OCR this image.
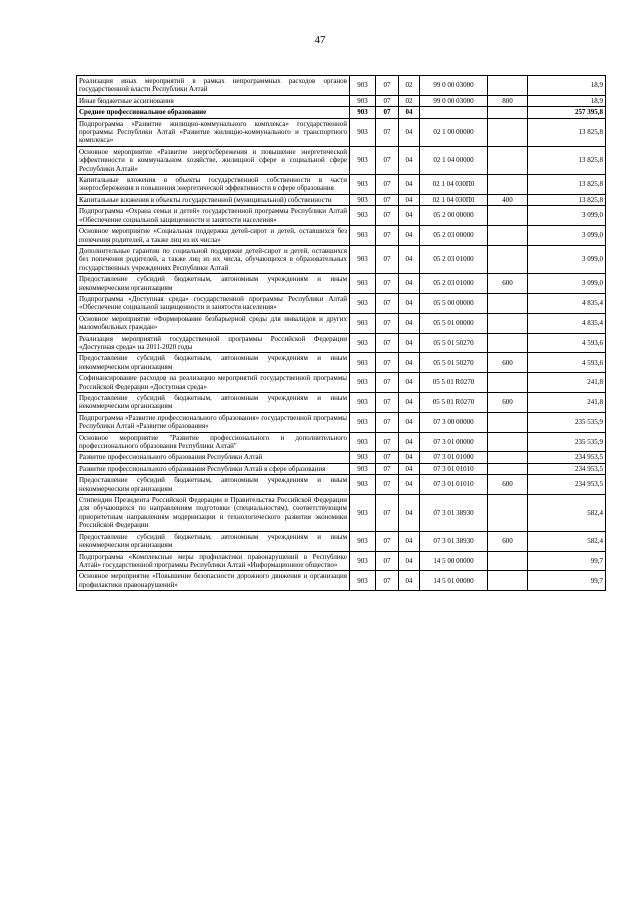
47
Реализация иных мероприятий в рамках непрограммных расходов органов государственной власти Республики Алтай	903	07	02	99 0 00 03000		18,9
Иные бюджетные ассигнования	903	07	02	99 0 00 03000	800	18,9
Среднее профессиональное образование	903	07	04			257 395,8
Подпрограмма «Развитие жилищно-коммунального комплекса» государственной программы Республики Алтай «Развитие жилищно-коммунального и транспортного комплекса»	903	07	04	02 1 00 00000		13 825,8
Основное мероприятие «Развитие энергосбережения и повышение энергетической эффективности в коммунальном хозяйстве, жилищной сфере и социальной сфере Республики Алтай»	903	07	04	02 1 04 00000		13 825,8
Капитальные вложения в объекты государственной собственности в части энергосбережения и повышения энергетической эффективности в сфере образования	903	07	04	02 1 04 030П0		13 825,8
Капитальные вложения в объекты государственной (муниципальной) собственности	903	07	04	02 1 04 030П0	400	13 825,8
Подпрограмма «Охрана семьи и детей» государственной программы Республики Алтай «Обеспечение социальной защищенности и занятости населения»	903	07	04	05 2 00 00000		3 099,0
Основное мероприятие «Социальная поддержка детей-сирот и детей, оставшихся без попечения родителей, а также лиц из их числа»	903	07	04	05 2 03 00000		3 099,0
Дополнительные гарантии по социальной поддержке детей-сирот и детей, оставшихся без попечения родителей, а также лиц из их числа, обучающихся в образовательных государственных учреждениях Республики Алтай	903	07	04	05 2 03 01000		3 099,0
Предоставление субсидий бюджетным, автономным учреждениям и иным некоммерческим организациям	903	07	04	05 2 03 01000	600	3 099,0
Подпрограмма «Доступная среда» государственной программы Республики Алтай «Обеспечение социальной защищенности и занятости населения»	903	07	04	05 5 00 00000		4 835,4
Основное мероприятие «Формирование безбарьерной среды для инвалидов и других маломобильных граждан»	903	07	04	05 5 01 00000		4 835,4
Реализация мероприятий государственной программы Российской Федерации «Доступная среда» на 2011-2020 годы	903	07	04	05 5 01 50270		4 593,6
Предоставление субсидий бюджетным, автономным учреждениям и иным некоммерческим организациям	903	07	04	05 5 01 50270	600	4 593,6
Софинансирование расходов на реализацию мероприятий государственной программы Российской Федерации «Доступная среда»	903	07	04	05 5 01 R0270		241,8
Предоставление субсидий бюджетным, автономным учреждениям и иным некоммерческим организациям	903	07	04	05 5 01 R0270	600	241,8
Подпрограмма «Развитие профессионального образования» государственной программы Республики Алтай «Развитие образования»	903	07	04	07 3 00 00000		235 535,9
Основное мероприятие "Развитие профессионального и дополнительного профессионального образования Республики Алтай"	903	07	04	07 3 01 00000		235 535,9
Развитие профессионального образования Республики Алтай	903	07	04	07 3 01 01000		234 953,5
Развитие профессионального образования Республики Алтай в сфере образования	903	07	04	07 3 01 01010		234 953,5
Предоставление субсидий бюджетным, автономным учреждениям и иным некоммерческим организациям	903	07	04	07 3 01 01010	600	234 953,5
Стипендии Президента Российской Федерации и Правительства Российской Федерации для обучающихся по направлениям подготовки (специальностям), соответствующим приоритетным направлениям модернизации и технологического развития экономики Российской Федерации	903	07	04	07 3 01 38930		582,4
Предоставление субсидий бюджетным, автономным учреждениям и иным некоммерческим организациям	903	07	04	07 3 01 38930	600	582,4
Подпрограмма «Комплексные меры профилактики правонарушений в Республике Алтай» государственной программы Республики Алтай «Информационное общество»	903	07	04	14 5 00 00000		99,7
Основное мероприятие «Повышение безопасности дорожного движения и организация профилактики правонарушений»	903	07	04	14 5 01 00000		99,7
